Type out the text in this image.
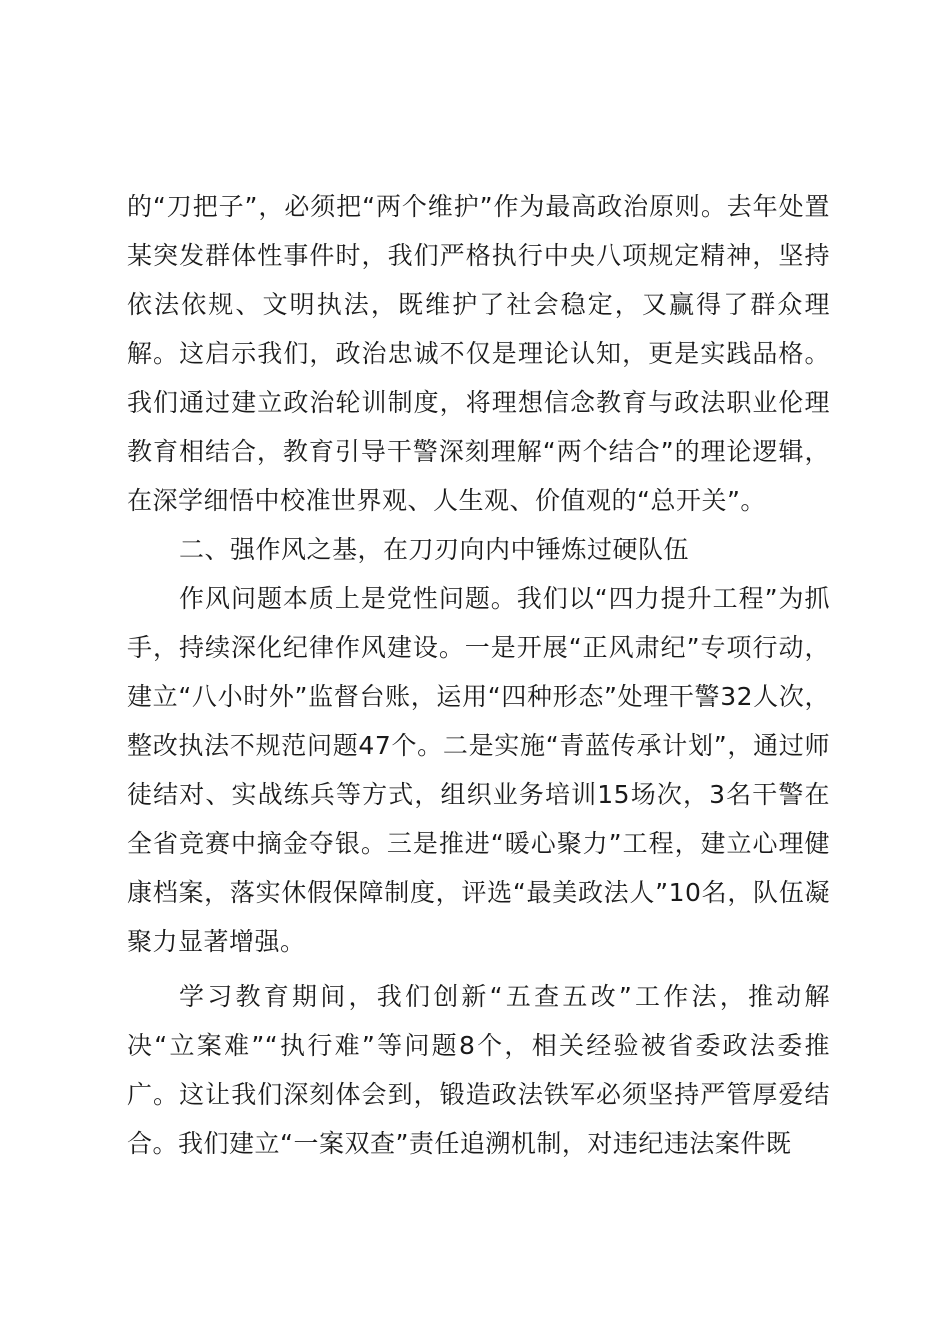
的“刀把子”，必须把“两个维护”作为最高政治原则。去年处置某突发群体性事件时，我们严格执行中央八项规定精神，坚持依法依规、文明执法，既维护了社会稳定，又赢得了群众理解。这启示我们，政治忠诚不仅是理论认知，更是实践品格。我们通过建立政治轮训制度，将理想信念教育与政法职业伦理教育相结合，教育引导干警深刻理解“两个结合”的理论逻辑，在深学细悟中校准世界观、人生观、价值观的“总开关”。

二、强作风之基，在刀刃向内中锤炼过硬队伍

作风问题本质上是党性问题。我们以“四力提升工程”为抓手，持续深化纪律作风建设。一是开展“正风肃纪”专项行动，建立“八小时外”监督台账，运用“四种形态”处理干警32人次，整改执法不规范问题47个。二是实施“青蓝传承计划”，通过师徒结对、实战练兵等方式，组织业务培训15场次，3名干警在全省竞赛中摘金夺银。三是推进“暖心聚力”工程，建立心理健康档案，落实休假保障制度，评选“最美政法人”10名，队伍凝聚力显著增强。

学习教育期间，我们创新“五查五改”工作法，推动解决“立案难”“执行难”等问题8个，相关经验被省委政法委推广。这让我们深刻体会到，锻造政法铁军必须坚持严管厚爱结合。我们建立“一案双查”责任追溯机制，对违纪违法案件既
